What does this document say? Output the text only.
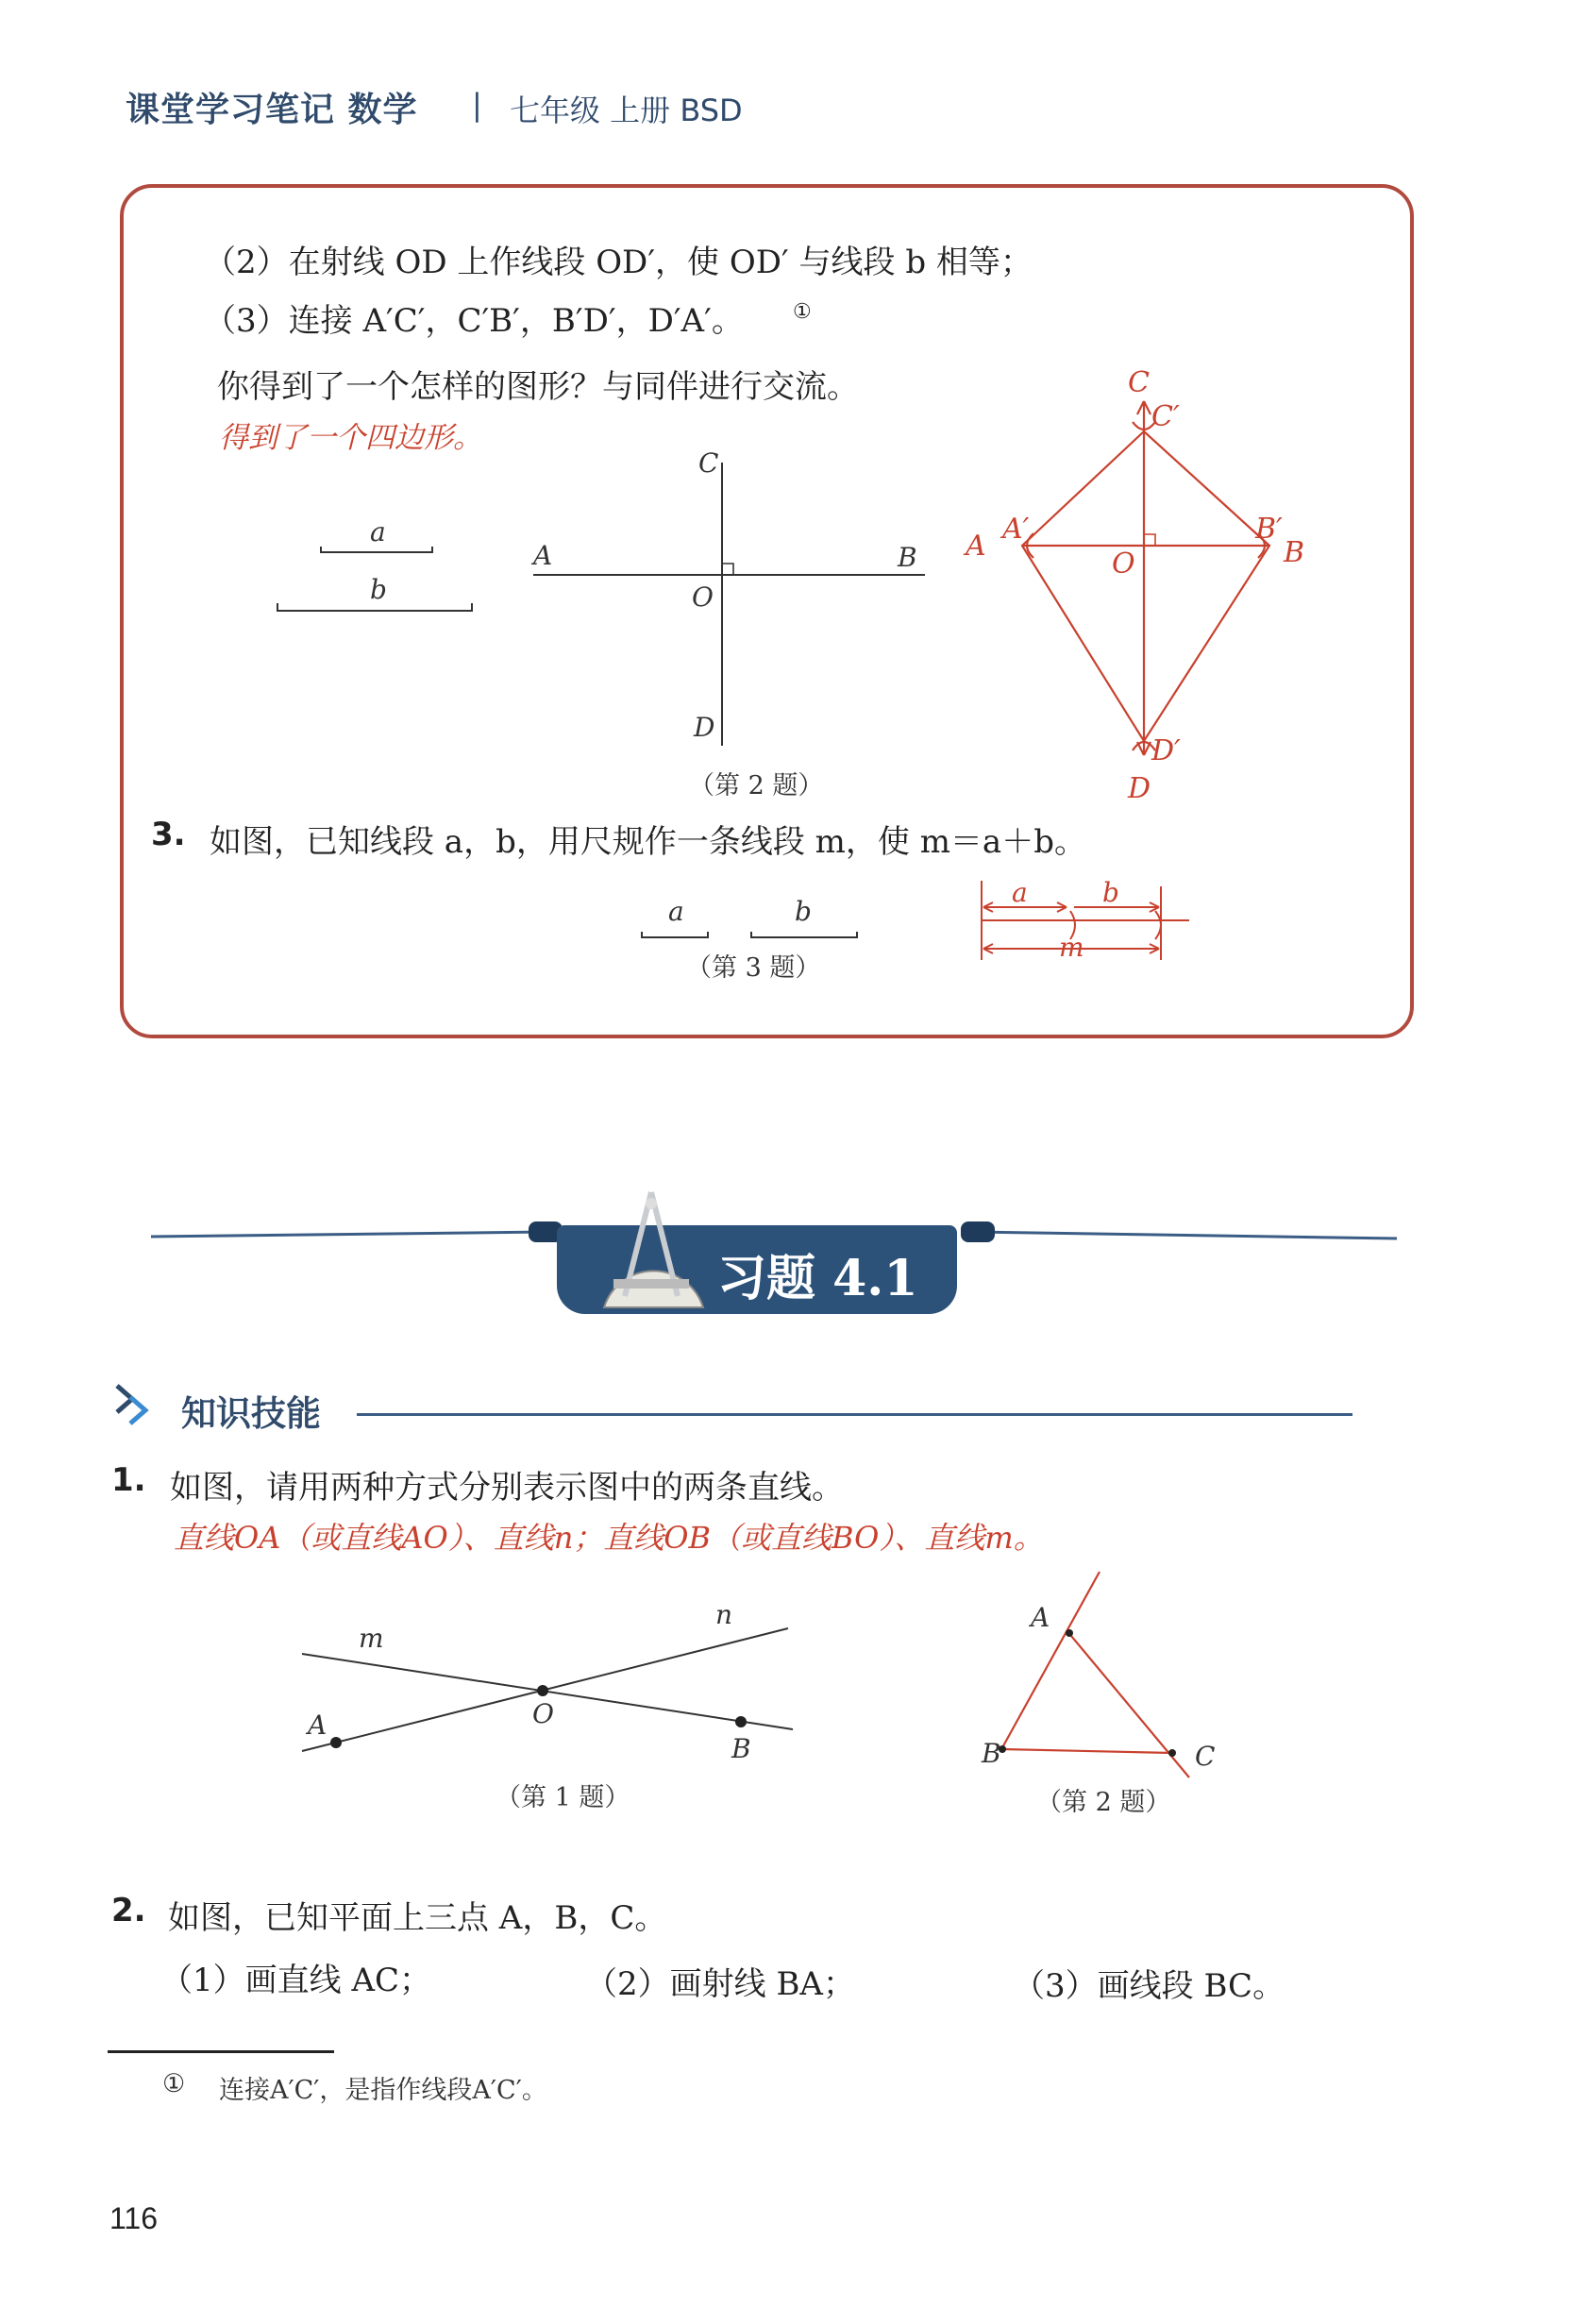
课堂学习笔记 数学 | 七年级 上册 BSD
（2）在射线 OD 上作线段 OD′，使 OD′ 与线段 b 相等；
（3）连接 A′C′，C′B′，B′D′，D′A′。 ①
你得到了一个怎样的图形？与同伴进行交流。
得到了一个四边形。
a
b
A	B
C
O
D
（第 2 题）
C
C′
A
A′	B′
B
O
D′
D
3. 如图，已知线段 a，b，用尺规作一条线段 m，使 m＝a＋b。
a	b
（第 3 题）
a	b
m
习题 4.1
知识技能
1. 如图，请用两种方式分别表示图中的两条直线。
直线OA（或直线AO）、直线n；直线OB（或直线BO）、直线m。
m
n
A	O
B
（第 1 题）
A
B	C
（第 2 题）
2. 如图，已知平面上三点 A，B，C。
（1）画直线 AC；	（2）画射线 BA；	（3）画线段 BC。
① 连接A′C′，是指作线段A′C′。
116
